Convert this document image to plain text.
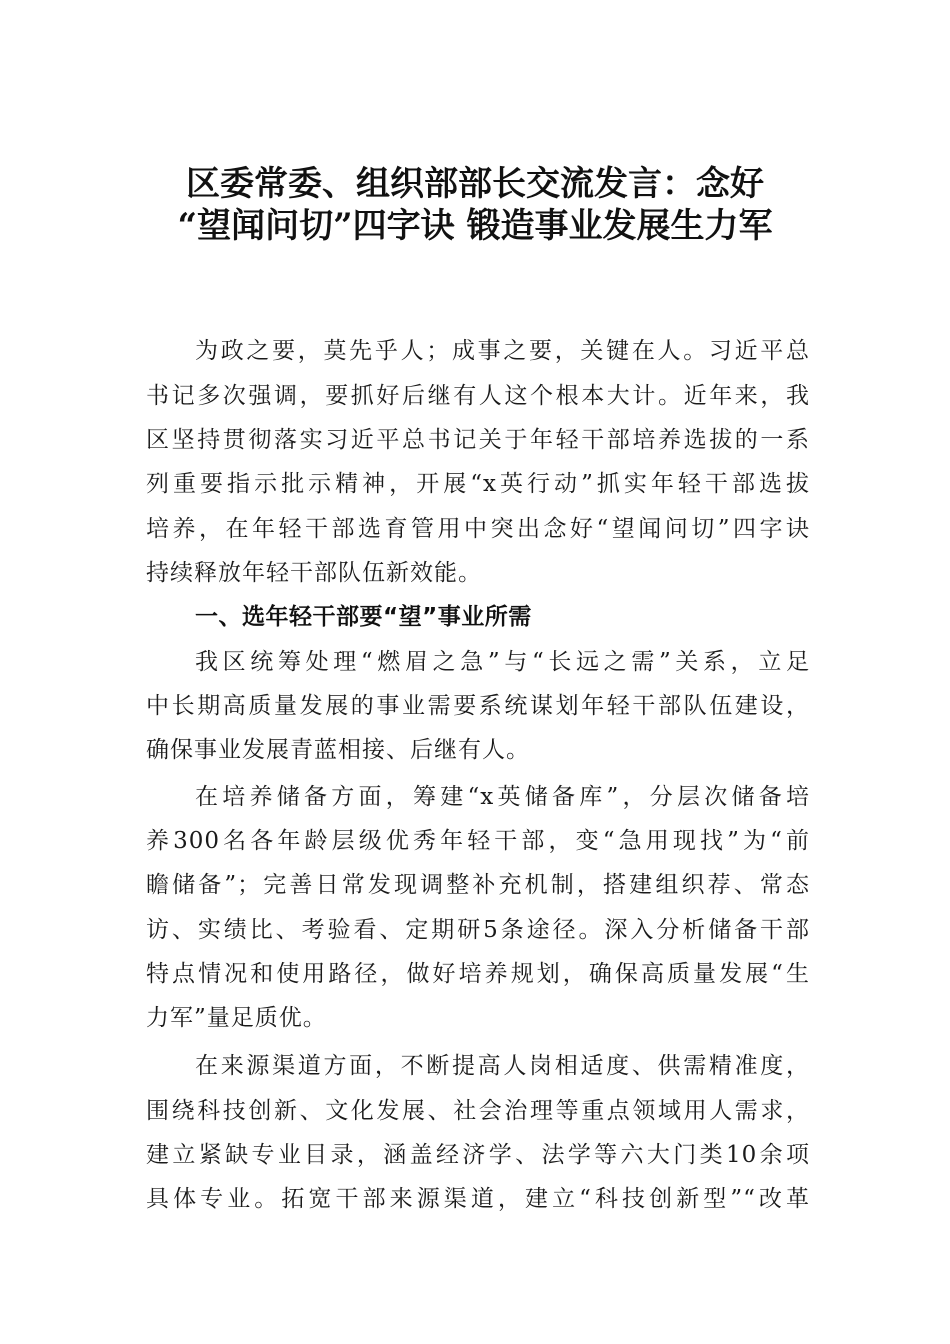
区委常委、组织部部长交流发言：念好
“望闻问切”四字诀 锻造事业发展生力军
为政之要，莫先乎人；成事之要，关键在人。习近平总
书记多次强调，要抓好后继有人这个根本大计。近年来，我
区坚持贯彻落实习近平总书记关于年轻干部培养选拔的一系
列重要指示批示精神，开展“x英行动”抓实年轻干部选拔
培养，在年轻干部选育管用中突出念好“望闻问切”四字诀
持续释放年轻干部队伍新效能。
一、选年轻干部要“望”事业所需
我区统筹处理“燃眉之急”与“长远之需”关系，立足
中长期高质量发展的事业需要系统谋划年轻干部队伍建设，
确保事业发展青蓝相接、后继有人。
在培养储备方面，筹建“x英储备库”，分层次储备培
养300名各年龄层级优秀年轻干部，变“急用现找”为“前
瞻储备”；完善日常发现调整补充机制，搭建组织荐、常态
访、实绩比、考验看、定期研5条途径。深入分析储备干部
特点情况和使用路径，做好培养规划，确保高质量发展“生
力军”量足质优。
在来源渠道方面，不断提高人岗相适度、供需精准度，
围绕科技创新、文化发展、社会治理等重点领域用人需求，
建立紧缺专业目录，涵盖经济学、法学等六大门类10余项
具体专业。拓宽干部来源渠道，建立“科技创新型”“改革
